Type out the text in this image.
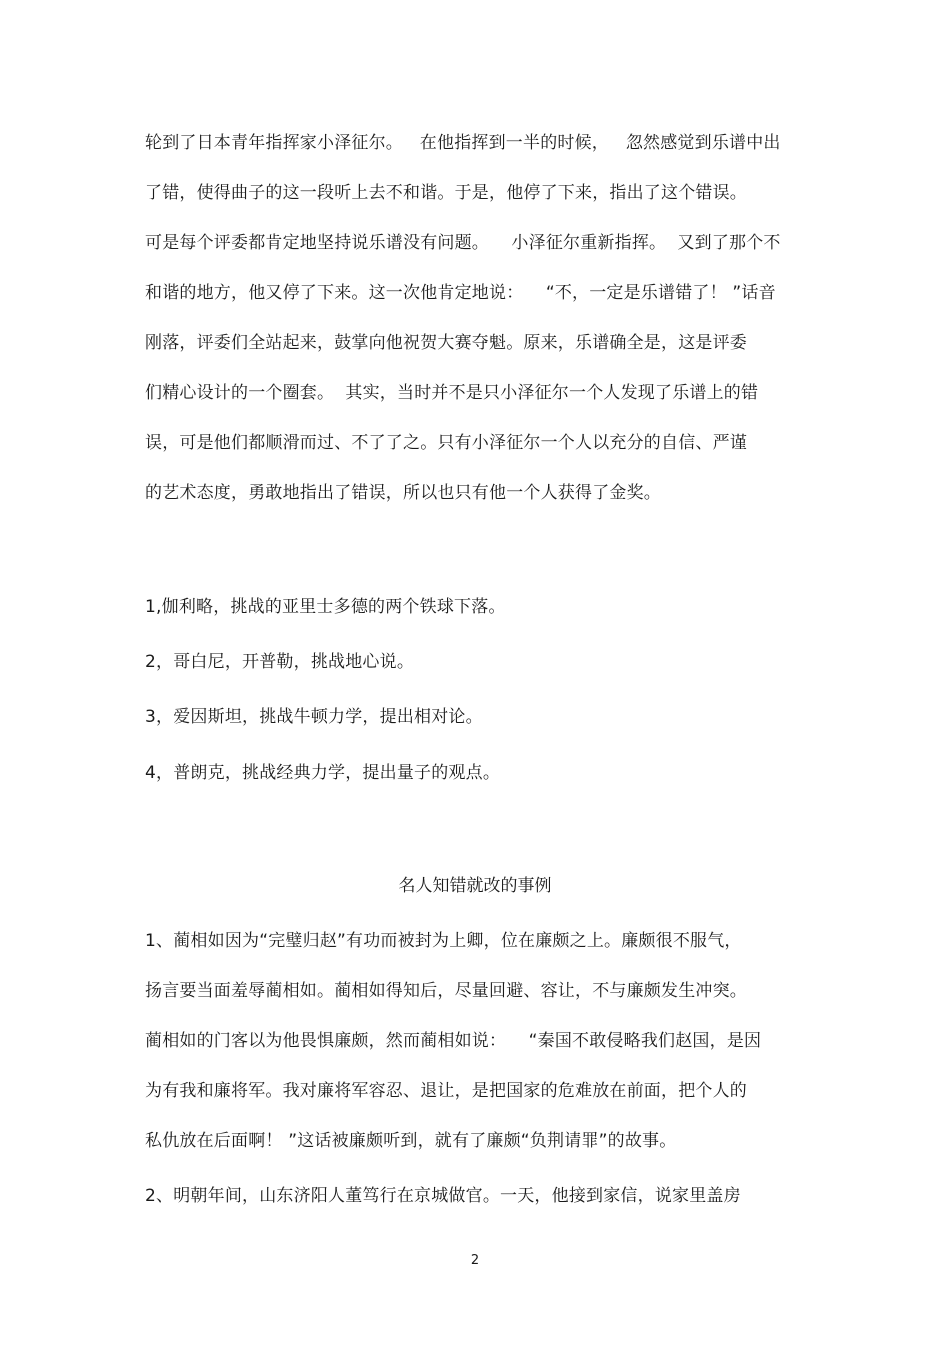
轮到了日本青年指挥家小泽征尔。   在他指挥到一半的时候，   忽然感觉到乐谱中出
了错，使得曲子的这一段听上去不和谐。于是，他停了下来，指出了这个错误。
可是每个评委都肯定地坚持说乐谱没有问题。    小泽征尔重新指挥。  又到了那个不
和谐的地方，他又停了下来。这一次他肯定地说：    “不，一定是乐谱错了！ ”话音
刚落，评委们全站起来，鼓掌向他祝贺大赛夺魁。原来，乐谱确全是，这是评委
们精心设计的一个圈套。  其实，当时并不是只小泽征尔一个人发现了乐谱上的错
误，可是他们都顺滑而过、不了了之。只有小泽征尔一个人以充分的自信、严谨
的艺术态度，勇敢地指出了错误，所以也只有他一个人获得了金奖。
1,伽利略，挑战的亚里士多德的两个铁球下落。
2，哥白尼，开普勒，挑战地心说。
3，爱因斯坦，挑战牛顿力学，提出相对论。
4，普朗克，挑战经典力学，提出量子的观点。
名人知错就改的事例
1、蔺相如因为“完璧归赵”有功而被封为上卿，位在廉颇之上。廉颇很不服气，
扬言要当面羞辱蔺相如。蔺相如得知后，尽量回避、容让，不与廉颇发生冲突。
蔺相如的门客以为他畏惧廉颇，然而蔺相如说：    “秦国不敢侵略我们赵国，是因
为有我和廉将军。我对廉将军容忍、退让，是把国家的危难放在前面，把个人的
私仇放在后面啊！ ”这话被廉颇听到，就有了廉颇“负荆请罪”的故事。
2、明朝年间，山东济阳人董笃行在京城做官。一天，他接到家信，说家里盖房
2
